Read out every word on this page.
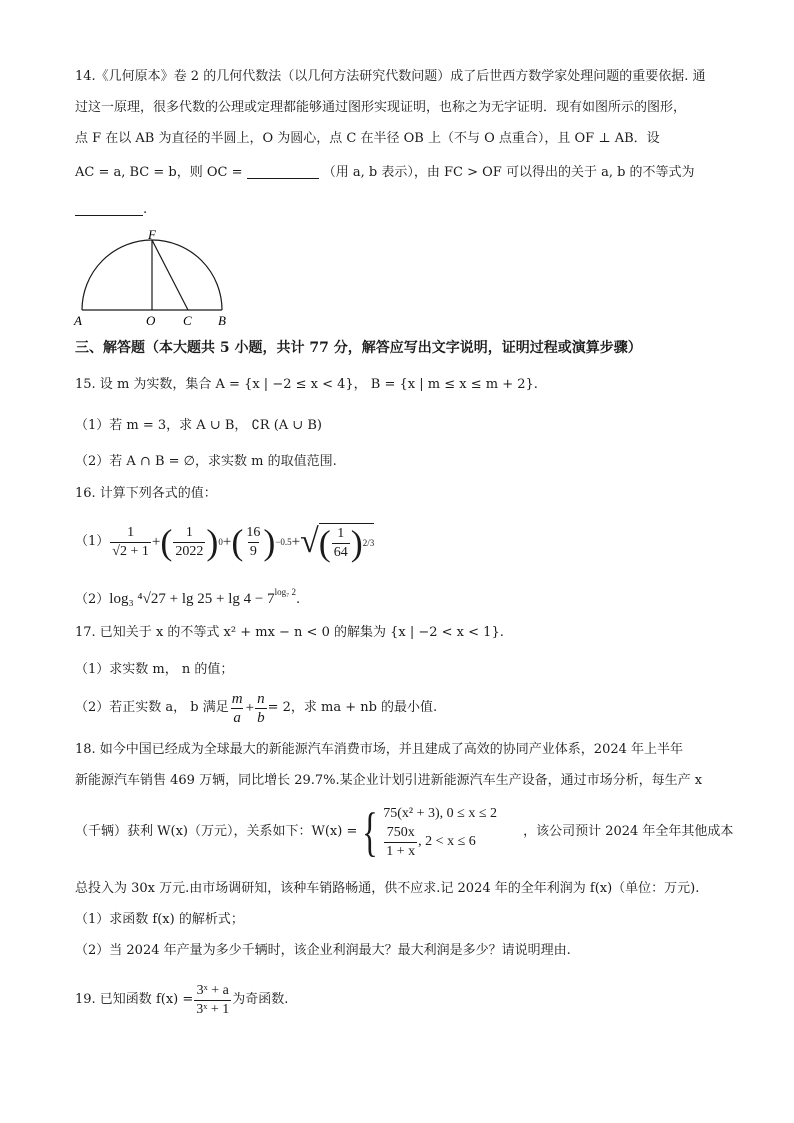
14.《几何原本》卷 2 的几何代数法（以几何方法研究代数问题）成了后世西方数学家处理问题的重要依据. 通
过这一原理，很多代数的公理或定理都能够通过图形实现证明，也称之为无字证明．现有如图所示的图形，
点 F 在以 AB 为直径的半圆上，O 为圆心，点 C 在半径 OB 上（不与 O 点重合），且 OF ⊥ AB．设
AC = a, BC = b，则 OC =	（用 a, b 表示），由 FC > OF 可以得出的关于 a, b 的不等式为
.
F
A	O C B
三、解答题（本大题共 5 小题，共计 77 分，解答应写出文字说明，证明过程或演算步骤）
15. 设 m 为实数，集合 A = {x | −2 ≤ x < 4}， B = {x | m ≤ x ≤ m + 2}.
（1）若 m = 3，求 A ∪ B， ∁R (A ∪ B)
（2）若 A ∩ B = ∅，求实数 m 的取值范围.
16. 计算下列各式的值：
$(1) \frac{1}{√2 + 1}$ + ( $\frac{1}{2022}$ ) 0 + ( $\frac{16}{9}$ ) −0.5 + √ ( $\frac{1}{64}$ ) 2/3
（2）log₃ $^4√27 + \lg 25 + \lg 4 - 7^{log_7 2}$.
17. 已知关于 x 的不等式 x² + mx − n < 0 的解集为 {x | −2 < x < 1}.
（1）求实数 m， n 的值；
（2）若正实数 a， b 满足 $\frac{m}{a} + \frac{n}{b} = 2$，求 ma + nb 的最小值.
18. 如今中国已经成为全球最大的新能源汽车消费市场，并且建成了高效的协同产业体系，2024 年上半年
新能源汽车销售 469 万辆，同比增长 29.7%.某企业计划引进新能源汽车生产设备，通过市场分析，每生产 x
（千辆）获利 W(x)（万元），关系如下：W(x) = { 75(x² + 3), 0 ≤ x ≤ 2
$\frac{750x}{1 + x}$ , 2 < x ≤ 6
，该公司预计 2024 年全年其他成本
总投入为 30x 万元.由市场调研知，该种车销路畅通，供不应求.记 2024 年的全年利润为 f(x)（单位：万元).
（1）求函数 f(x) 的解析式；
（2）当 2024 年产量为多少千辆时，该企业利润最大？最大利润是多少？请说明理由.
19. 已知函数 $f(x) = \frac{\text{3ˣ + a}}{\text{3ˣ + 1}}$ 为奇函数.
